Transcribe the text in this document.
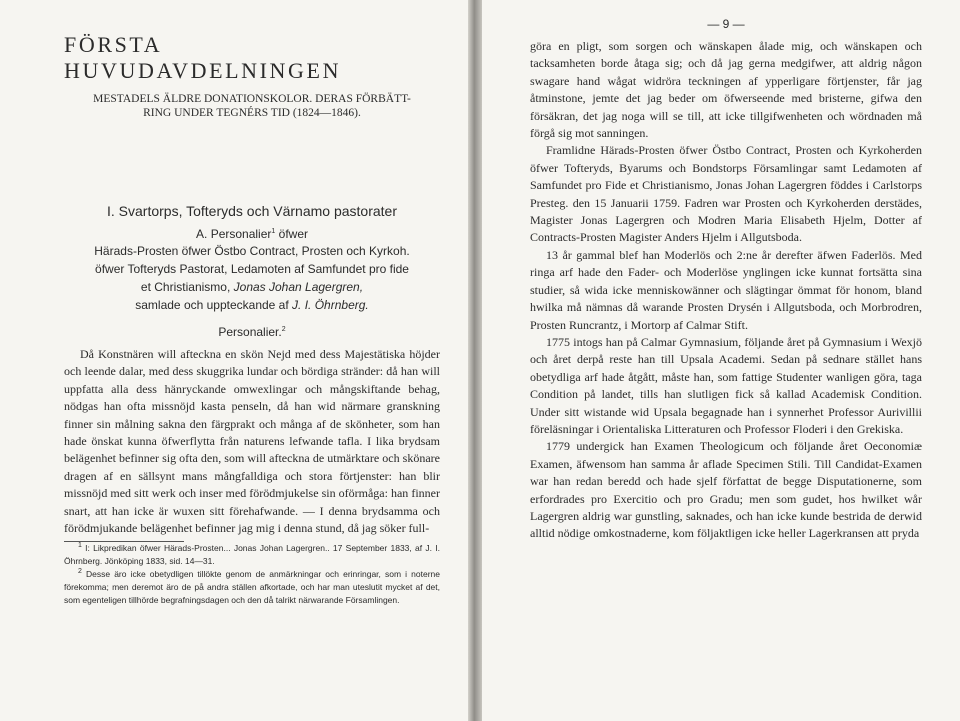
FÖRSTA HUVUDAVDELNINGEN
MESTADELS ÄLDRE DONATIONSKOLOR. DERAS FÖRBÄTT-
RING UNDER TEGNÉRS TID (1824—1846).
I. Svartorps, Tofteryds och Värnamo pastorater
A. Personalier$^1$ öfwer
Härads-Prosten öfwer Östbo Contract, Prosten och Kyrkoh.
öfwer Tofteryds Pastorat, Ledamoten af Samfundet pro fide
et Christianismo, Jonas Johan Lagergren,
samlade och uppteckande af J. I. Öhrnberg.
Personalier.$^2$

Då Konstnären will afteckna en skön Nejd med dess Majestätiska höjder och leende dalar, med dess skuggrika lundar och bördiga stränder: då han will uppfatta alla dess hänryckande omwexlingar och mångskiftande behag, nödgas han ofta missnöjd kasta penseln, då han wid närmare granskning finner sin målning sakna den färgprakt och många af de skönheter, som han hade önskat kunna öfwerflytta från naturens lefwande tafla. I lika brydsam belägenhet befinner sig ofta den, som will afteckna de utmärktare och skönare dragen af en sällsynt mans mångfalldiga och stora förtjenster: han blir missnöjd med sitt werk och inser med förödmjukelse sin oförmåga: han finner snart, att han icke är wuxen sitt förehafwande. — I denna brydsamma och förödmjukande belägenhet befinner jag mig i denna stund, då jag söker full-

$^1$ I: Likpredikan öfwer Härads-Prosten... Jonas Johan Lagergren.. 17 September 1833, af J. I. Öhrnberg. Jönköping 1833, sid. 14—31.

$^2$ Desse äro icke obetydligen tillökte genom de anmärkningar och erinringar, som i noterne förekomma; men deremot äro de på andra ställen afkortade, och har man uteslutit mycket af det, som egenteligen tillhörde begrafningsdagen och den då talrikt närwarande Församlingen.

— 9 —

göra en pligt, som sorgen och wänskapen ålade mig, och wänskapen och tacksamheten borde åtaga sig; och då jag gerna medgifwer, att aldrig någon swagare hand wågat widröra teckningen af ypperligare förtjenster, får jag åtminstone, jemte det jag beder om öfwerseende med bristerne, gifwa den försäkran, det jag noga will se till, att icke tillgifwenheten och wördnaden må förgå sig mot sanningen.

Framlidne Härads-Prosten öfwer Östbo Contract, Prosten och Kyrkoherden öfwer Tofteryds, Byarums och Bondstorps Församlingar samt Ledamoten af Samfundet pro Fide et Christianismo, Jonas Johan Lagergren föddes i Carlstorps Presteg. den 15 Januarii 1759. Fadren war Prosten och Kyrkoherden derstädes, Magister Jonas Lagergren och Modren Maria Elisabeth Hjelm, Dotter af Contracts-Prosten Magister Anders Hjelm i Allgutsboda.

13 år gammal blef han Moderlös och 2:ne år derefter äfwen Faderlös. Med ringa arf hade den Fader- och Moderlöse ynglingen icke kunnat fortsätta sina studier, så wida icke menniskowänner och slägtingar ömmat för honom, bland hwilka må nämnas då warande Prosten Drysén i Allgutsboda, och Morbrodren, Prosten Runcrantz, i Mortorp af Calmar Stift.

1775 intogs han på Calmar Gymnasium, följande året på Gymnasium i Wexjö och året derpå reste han till Upsala Academi. Sedan på sednare stället hans obetydliga arf hade åtgått, måste han, som fattige Studenter wanligen göra, taga Condition på landet, tills han slutligen fick så kallad Academisk Condition. Under sitt wistande wid Upsala begagnade han i synnerhet Professor Aurivillii föreläsningar i Orientaliska Litteraturen och Professor Floderi i den Grekiska.

1779 undergick han Examen Theologicum och följande året Oeconomiæ Examen, äfwensom han samma år aflade Specimen Stili. Till Candidat-Examen war han redan beredd och hade sjelf författat de begge Disputationerne, som erfordrades pro Exercitio och pro Gradu; men som gudet, hos hwilket wår Lagergren aldrig war gunstling, saknades, och han icke kunde bestrida de derwid alltid nödige omkostnaderne, kom följaktligen icke heller Lagerkransen att pryda
